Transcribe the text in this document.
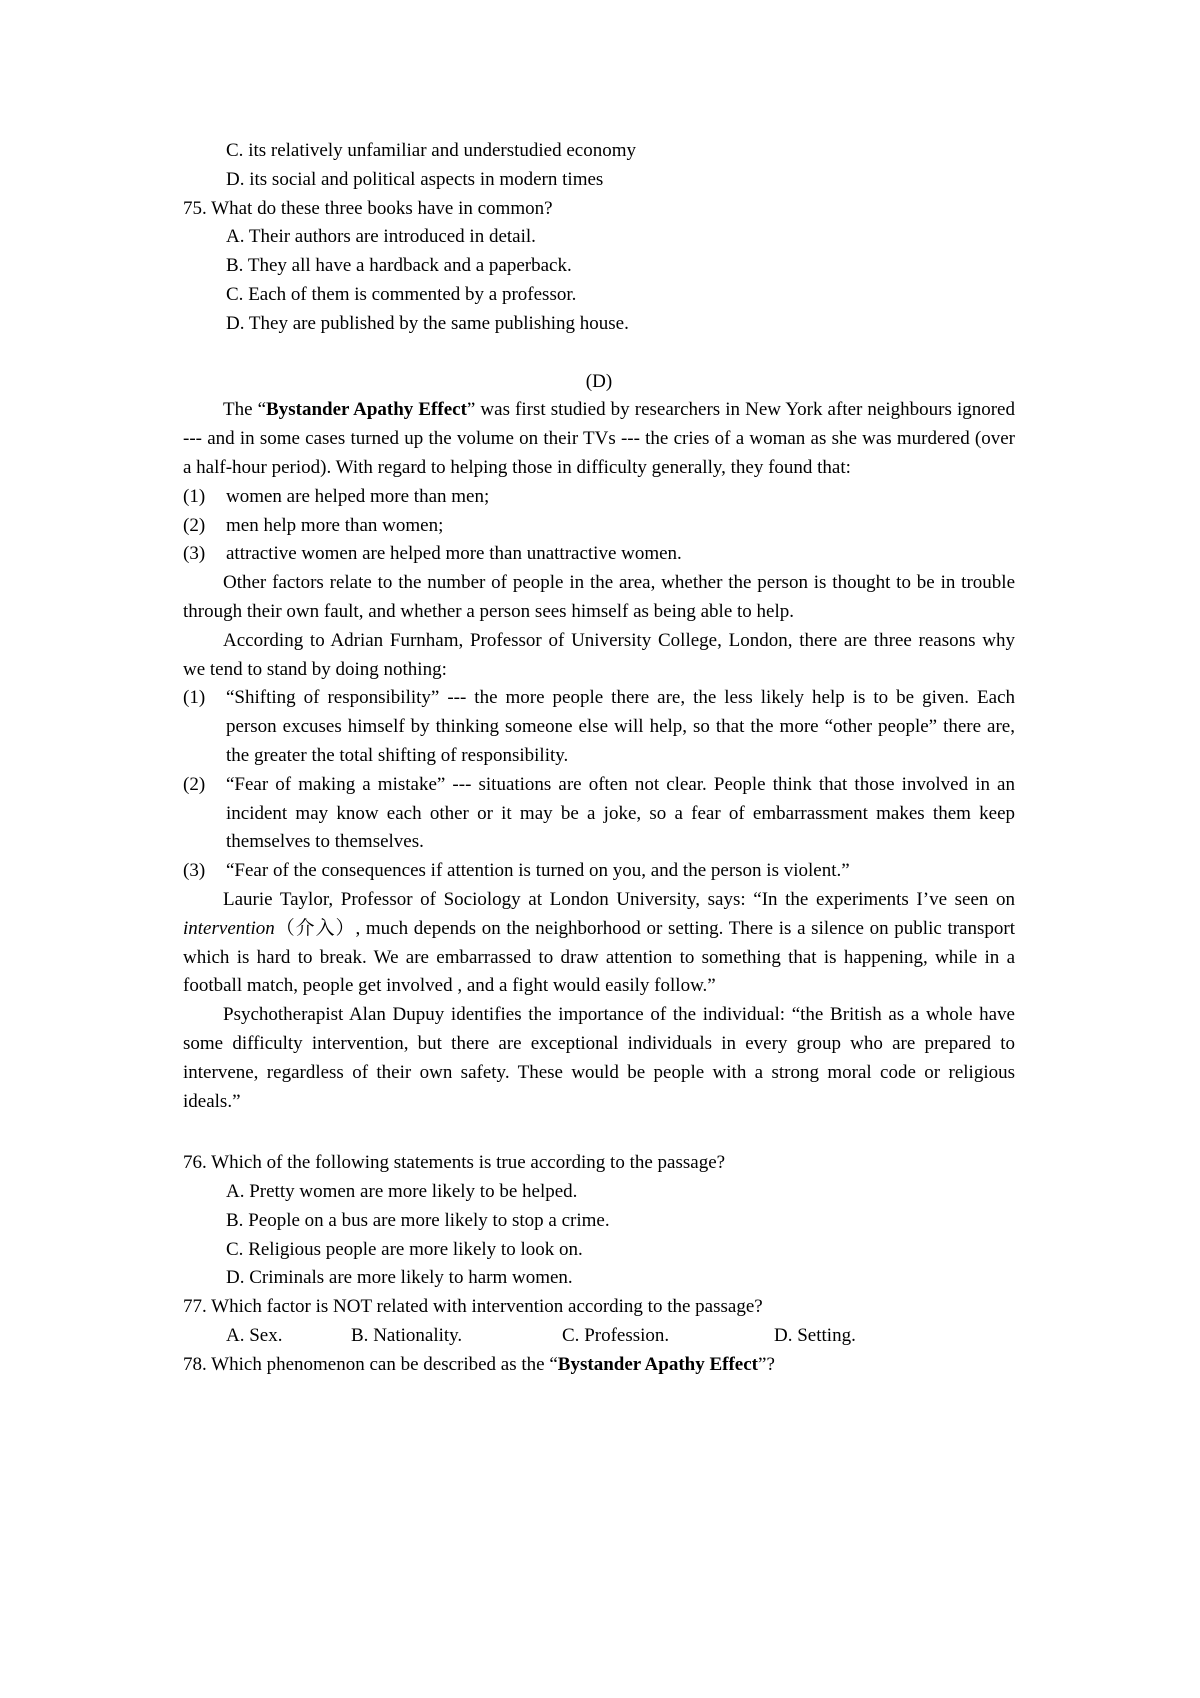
C. its relatively unfamiliar and understudied economy
D. its social and political aspects in modern times
75. What do these three books have in common?
A. Their authors are introduced in detail.
B. They all have a hardback and a paperback.
C. Each of them is commented by a professor.
D. They are published by the same publishing house.
(D)

The “Bystander Apathy Effect” was first studied by researchers in New York after neighbours ignored --- and in some cases turned up the volume on their TVs --- the cries of a woman as she was murdered (over a half-hour period). With regard to helping those in difficulty generally, they found that:

(1) women are helped more than men;
(2) men help more than women;
(3) attractive women are helped more than unattractive women.

Other factors relate to the number of people in the area, whether the person is thought to be in trouble through their own fault, and whether a person sees himself as being able to help.

According to Adrian Furnham, Professor of University College, London, there are three reasons why we tend to stand by doing nothing:

(1) “Shifting of responsibility” --- the more people there are, the less likely help is to be given. Each person excuses himself by thinking someone else will help, so that the more “other people” there are, the greater the total shifting of responsibility.
(2) “Fear of making a mistake” --- situations are often not clear. People think that those involved in an incident may know each other or it may be a joke, so a fear of embarrassment makes them keep themselves to themselves.
(3) “Fear of the consequences if attention is turned on you, and the person is violent.”

Laurie Taylor, Professor of Sociology at London University, says: “In the experiments I’ve seen on intervention（介入）, much depends on the neighborhood or setting. There is a silence on public transport which is hard to break. We are embarrassed to draw attention to something that is happening, while in a football match, people get involved , and a fight would easily follow.”

Psychotherapist Alan Dupuy identifies the importance of the individual: “the British as a whole have some difficulty intervention, but there are exceptional individuals in every group who are prepared to intervene, regardless of their own safety. These would be people with a strong moral code or religious ideals.”

76. Which of the following statements is true according to the passage?
A. Pretty women are more likely to be helped.
B. People on a bus are more likely to stop a crime.
C. Religious people are more likely to look on.
D. Criminals are more likely to harm women.
77. Which factor is NOT related with intervention according to the passage?
A. Sex.	B. Nationality.	C. Profession.	D. Setting.
78. Which phenomenon can be described as the “Bystander Apathy Effect”?
